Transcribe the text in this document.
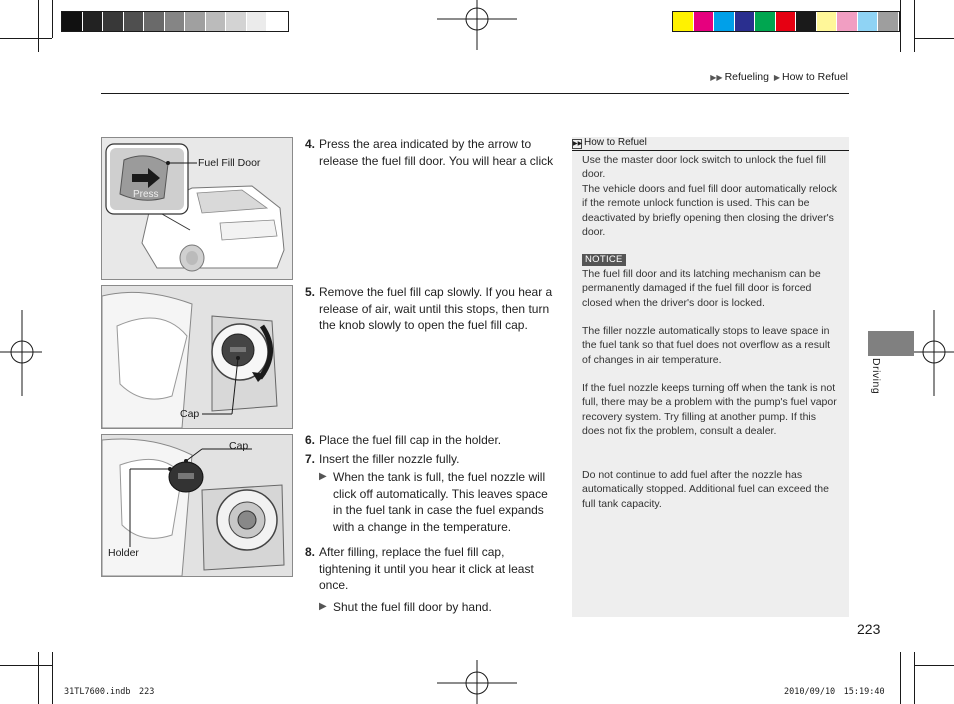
▶▶ Refueling ▶ How to Refuel
Fuel Fill Door
Press
Cap
Cap
Holder
4. Press the area indicated by the arrow to release the fuel fill door. You will hear a click
5. Remove the fuel fill cap slowly. If you hear a release of air, wait until this stops, then turn the knob slowly to open the fuel fill cap.
6. Place the fuel fill cap in the holder.
7. Insert the filler nozzle fully.
▶ When the tank is full, the fuel nozzle will click off automatically. This leaves space in the fuel tank in case the fuel expands with a change in the temperature.
8. After filling, replace the fuel fill cap, tightening it until you hear it click at least once.
▶ Shut the fuel fill door by hand.
▶▶ How to Refuel
Use the master door lock switch to unlock the fuel fill door.
The vehicle doors and fuel fill door automatically relock if the remote unlock function is used. This can be deactivated by briefly opening then closing the driver's door.
NOTICE
The fuel fill door and its latching mechanism can be permanently damaged if the fuel fill door is forced closed when the driver's door is locked.
The filler nozzle automatically stops to leave space in the fuel tank so that fuel does not overflow as a result of changes in air temperature.
If the fuel nozzle keeps turning off when the tank is not full, there may be a problem with the pump's fuel vapor recovery system. Try filling at another pump. If this does not fix the problem, consult a dealer.
Do not continue to add fuel after the nozzle has automatically stopped. Additional fuel can exceed the full tank capacity.
Driving
223
31TL7600.indb　223	2010/09/10　15:19:40
